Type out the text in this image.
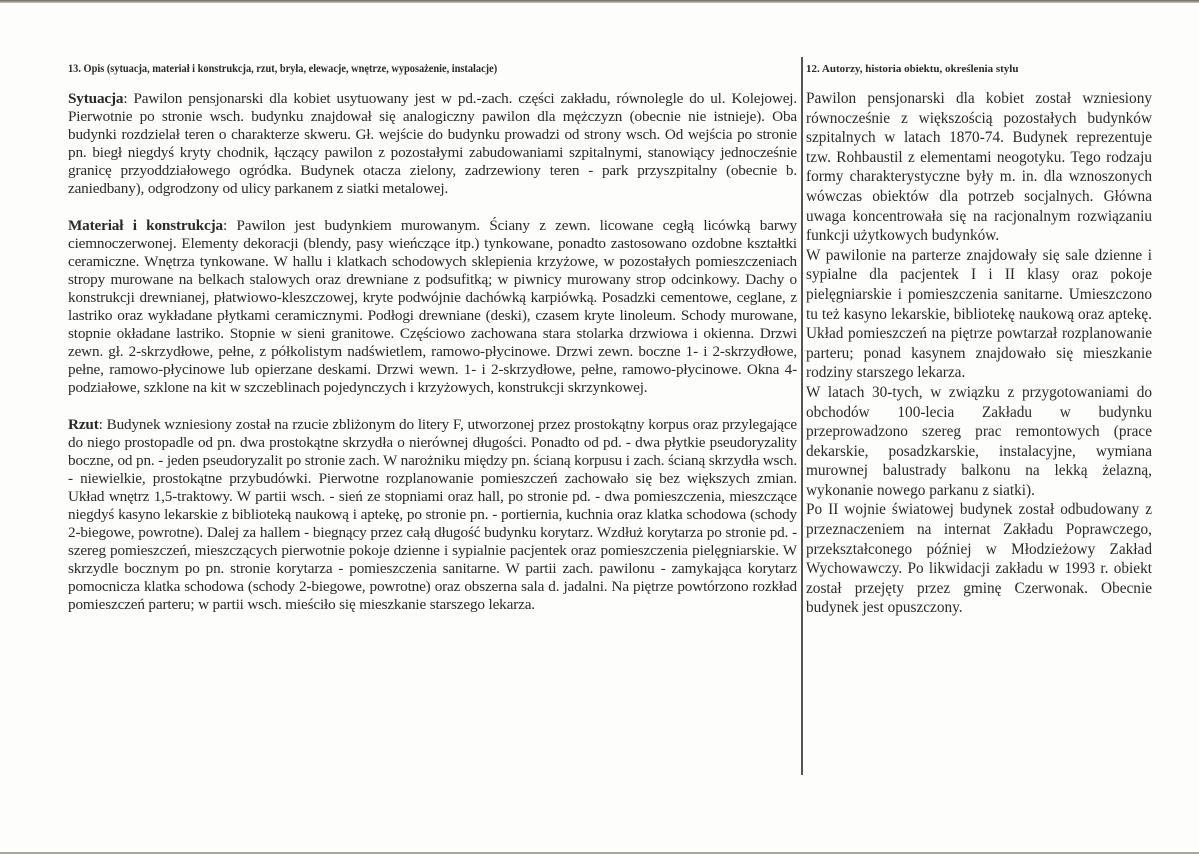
13. Opis (sytuacja, materiał i konstrukcja, rzut, bryła, elewacje, wnętrze, wyposażenie, instalacje)

Sytuacja: Pawilon pensjonarski dla kobiet usytuowany jest w pd.-zach. części zakładu, równolegle do ul. Kolejowej. Pierwotnie po stronie wsch. budynku znajdował się analogiczny pawilon dla mężczyzn (obecnie nie istnieje). Oba budynki rozdzielał teren o charakterze skweru. Gł. wejście do budynku prowadzi od strony wsch. Od wejścia po stronie pn. biegł niegdyś kryty chodnik, łączący pawilon z pozostałymi zabudowaniami szpitalnymi, stanowiący jednocześnie granicę przyoddziałowego ogródka. Budynek otacza zielony, zadrzewiony teren - park przyszpitalny (obecnie b. zaniedbany), odgrodzony od ulicy parkanem z siatki metalowej.

Materiał i konstrukcja: Pawilon jest budynkiem murowanym. Ściany z zewn. licowane cegłą licówką barwy ciemnoczerwonej. Elementy dekoracji (blendy, pasy wieńczące itp.) tynkowane, ponadto zastosowano ozdobne kształtki ceramiczne. Wnętrza tynkowane. W hallu i klatkach schodowych sklepienia krzyżowe, w pozostałych pomieszczeniach stropy murowane na belkach stalowych oraz drewniane z podsufitką; w piwnicy murowany strop odcinkowy. Dachy o konstrukcji drewnianej, płatwiowo-kleszczowej, kryte podwójnie dachówką karpiówką. Posadzki cementowe, ceglane, z lastriko oraz wykładane płytkami ceramicznymi. Podłogi drewniane (deski), czasem kryte linoleum. Schody murowane, stopnie okładane lastriko. Stopnie w sieni granitowe. Częściowo zachowana stara stolarka drzwiowa i okienna. Drzwi zewn. gł. 2-skrzydłowe, pełne, z półkolistym nadświetlem, ramowo-płycinowe. Drzwi zewn. boczne 1- i 2-skrzydłowe, pełne, ramowo-płycinowe lub opierzane deskami. Drzwi wewn. 1- i 2-skrzydłowe, pełne, ramowo-płycinowe. Okna 4-podziałowe, szklone na kit w szczeblinach pojedynczych i krzyżowych, konstrukcji skrzynkowej.

Rzut: Budynek wzniesiony został na rzucie zbliżonym do litery F, utworzonej przez prostokątny korpus oraz przylegające do niego prostopadle od pn. dwa prostokątne skrzydła o nierównej długości. Ponadto od pd. - dwa płytkie pseudoryzality boczne, od pn. - jeden pseudoryzalit po stronie zach. W narożniku między pn. ścianą korpusu i zach. ścianą skrzydła wsch. - niewielkie, prostokątne przybudówki. Pierwotne rozplanowanie pomieszczeń zachowało się bez większych zmian. Układ wnętrz 1,5-traktowy. W partii wsch. - sień ze stopniami oraz hall, po stronie pd. - dwa pomieszczenia, mieszczące niegdyś kasyno lekarskie z biblioteką naukową i aptekę, po stronie pn. - portiernia, kuchnia oraz klatka schodowa (schody 2-biegowe, powrotne). Dalej za hallem - biegnący przez całą długość budynku korytarz. Wzdłuż korytarza po stronie pd. - szereg pomieszczeń, mieszczących pierwotnie pokoje dzienne i sypialnie pacjentek oraz pomieszczenia pielęgniarskie. W skrzydle bocznym po pn. stronie korytarza - pomieszczenia sanitarne. W partii zach. pawilonu - zamykająca korytarz pomocnicza klatka schodowa (schody 2-biegowe, powrotne) oraz obszerna sala d. jadalni. Na piętrze powtórzono rozkład pomieszczeń parteru; w partii wsch. mieściło się mieszkanie starszego lekarza.

12. Autorzy, historia obiektu, określenia stylu

Pawilon pensjonarski dla kobiet został wzniesiony równocześnie z większością pozostałych budynków szpitalnych w latach 1870-74. Budynek reprezentuje tzw. Rohbaustil z elementami neogotyku. Tego rodzaju formy charakterystyczne były m. in. dla wznoszonych wówczas obiektów dla potrzeb socjalnych. Główna uwaga koncentrowała się na racjonalnym rozwiązaniu funkcji użytkowych budynków.

W pawilonie na parterze znajdowały się sale dzienne i sypialne dla pacjentek I i II klasy oraz pokoje pielęgniarskie i pomieszczenia sanitarne. Umieszczono tu też kasyno lekarskie, bibliotekę naukową oraz aptekę. Układ pomieszczeń na piętrze powtarzał rozplanowanie parteru; ponad kasynem znajdowało się mieszkanie rodziny starszego lekarza.

W latach 30-tych, w związku z przygotowaniami do obchodów 100-lecia Zakładu w budynku przeprowadzono szereg prac remontowych (prace dekarskie, posadzkarskie, instalacyjne, wymiana murownej balustrady balkonu na lekką żelazną, wykonanie nowego parkanu z siatki).

Po II wojnie światowej budynek został odbudowany z przeznaczeniem na internat Zakładu Poprawczego, przekształconego później w Młodzieżowy Zakład Wychowawczy. Po likwidacji zakładu w 1993 r. obiekt został przejęty przez gminę Czerwonak. Obecnie budynek jest opuszczony.
